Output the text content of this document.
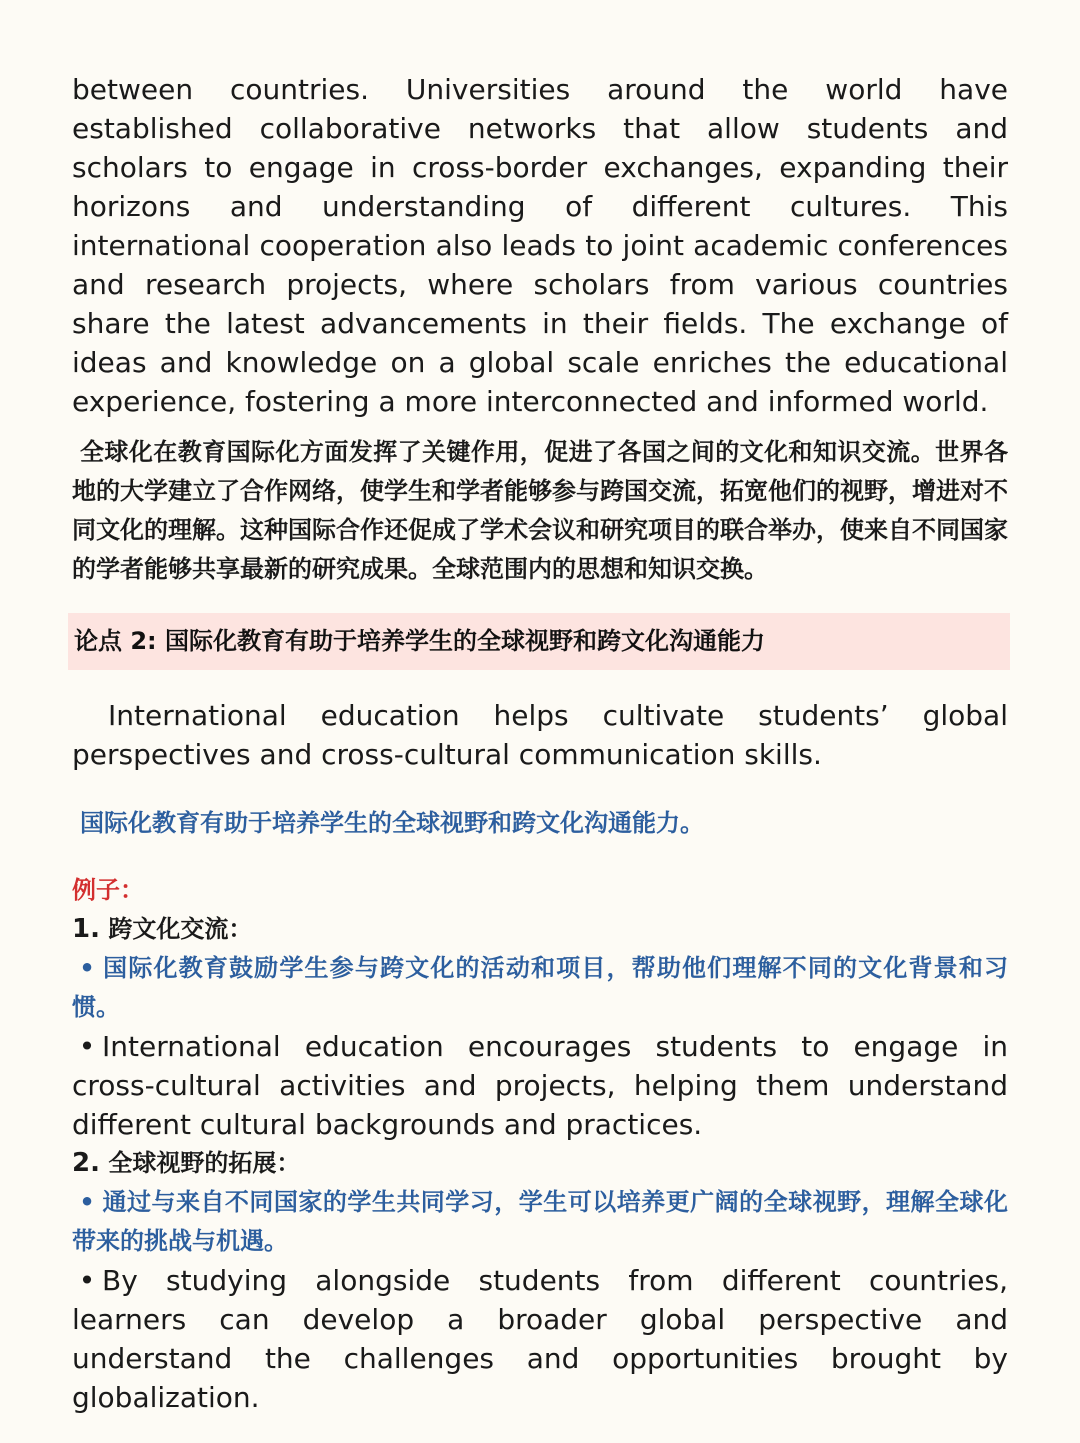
between countries. Universities around the world have established collaborative networks that allow students and scholars to engage in cross-border exchanges, expanding their horizons and understanding of different cultures. This international cooperation also leads to joint academic conferences and research projects, where scholars from various countries share the latest advancements in their fields. The exchange of ideas and knowledge on a global scale enriches the educational experience, fostering a more interconnected and informed world.

全球化在教育国际化方面发挥了关键作用，促进了各国之间的文化和知识交流。世界各地的大学建立了合作网络，使学生和学者能够参与跨国交流，拓宽他们的视野，增进对不同文化的理解。这种国际合作还促成了学术会议和研究项目的联合举办，使来自不同国家的学者能够共享最新的研究成果。全球范围内的思想和知识交换。

论点 2: 国际化教育有助于培养学生的全球视野和跨文化沟通能力

International education helps cultivate students’ global perspectives and cross-cultural communication skills.

国际化教育有助于培养学生的全球视野和跨文化沟通能力。

例子：

1. 跨文化交流：

• 国际化教育鼓励学生参与跨文化的活动和项目，帮助他们理解不同的文化背景和习惯。

• International education encourages students to engage in cross-cultural activities and projects, helping them understand different cultural backgrounds and practices.

2. 全球视野的拓展：

• 通过与来自不同国家的学生共同学习，学生可以培养更广阔的全球视野，理解全球化带来的挑战与机遇。

• By studying alongside students from different countries, learners can develop a broader global perspective and understand the challenges and opportunities brought by globalization.
